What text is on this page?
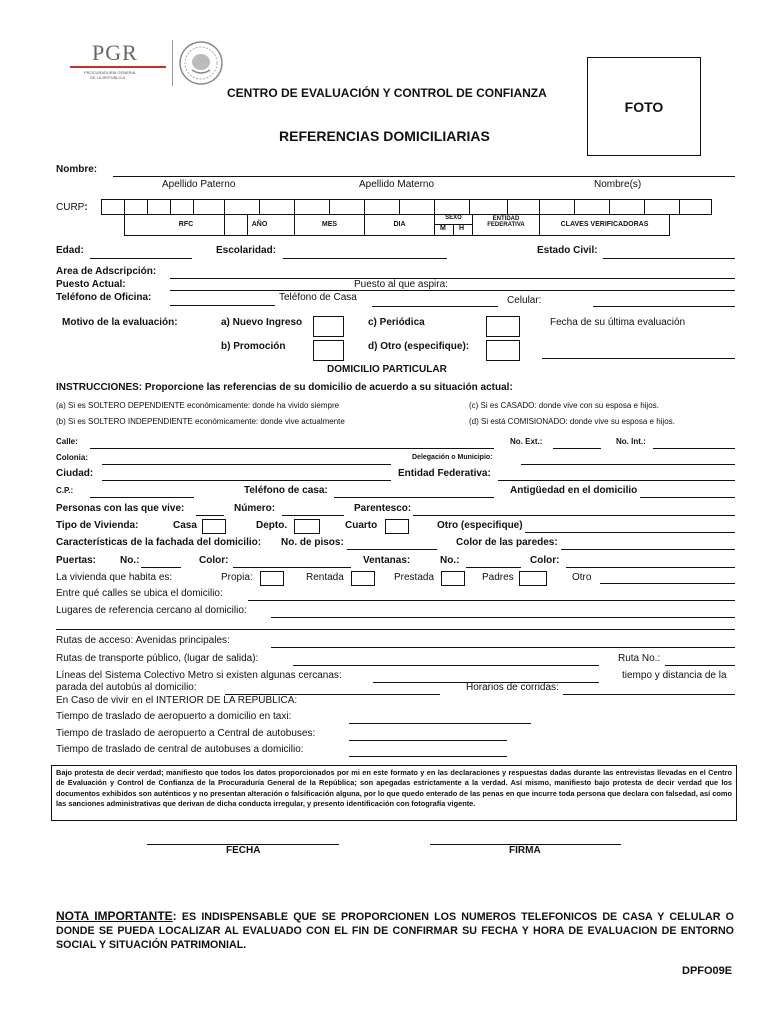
PGR
PROCURADURÍA GENERAL
DE LA REPÚBLICA
CENTRO DE EVALUACIÓN Y CONTROL DE CONFIANZA
REFERENCIAS DOMICILIARIAS
FOTO
Nombre:
Apellido Paterno	Apellido Materno	Nombre(s)
CURP:
RFC	AÑO	MES	DIA
SEXO
M H
ENTIDAD
FEDERATIVA	CLAVES VERIFICADORAS
Edad:	Escolaridad:	Estado Civil:
Area de Adscripción:
Puesto Actual:	Puesto al que aspira:
Teléfono de Oficina:	Teléfono de Casa	Celular:
Motivo de la evaluación:	a) Nuevo Ingreso	c) Periódica	Fecha de su última evaluación
b) Promoción	d) Otro (especifique):
DOMICILIO PARTICULAR
INSTRUCCIONES: Proporcione las referencias de su domicilio de acuerdo a su situación actual:
(a) Si es SOLTERO DEPENDIENTE económicamente: donde ha vivido siempre	(c) Si es CASADO: donde vive con su esposa e hijos.
(b) Si es SOLTERO INDEPENDIENTE económicamente: donde vive actualmente	(d) Si está COMISIONADO: donde vive su esposa e hijos.
Calle:	No. Ext.:	No. Int.:
Colonia:	Delegación o Municipio:
Ciudad:	Entidad Federativa:
C.P.:	Teléfono de casa:	Antigüedad en el domicilio
Personas con las que vive:	Número:	Parentesco:
Tipo de Vivienda:	Casa	Depto.	Cuarto	Otro (especifique)
Características de la fachada del domicilio: No. de pisos:	Color de las paredes:
Puertas: No.:	Color:	Ventanas:	No.:	Color:
La vivienda que habita es:	Propia:	Rentada	Prestada	Padres	Otro
Entre qué calles se ubica el domicilio:
Lugares de referencia cercano al domicilio:
Rutas de acceso: Avenidas principales:
Rutas de transporte público, (lugar de salida):	Ruta No.:
Líneas del Sistema Colectivo Metro si existen algunas cercanas:	tiempo y distancia de la
parada del autobús al domicilio:	Horarios de corridas:
En Caso de vivir en el INTERIOR DE LA REPÚBLICA:
Tiempo de traslado de aeropuerto a domicilio en taxi:
Tiempo de traslado de aeropuerto a Central de autobuses:
Tiempo de traslado de central de autobuses a domicilio:
Bajo protesta de decir verdad; manifiesto que todos los datos proporcionados por mi en este formato y en las declaraciones y respuestas dadas durante las entrevistas llevadas en el Centro de Evaluación y Control de Confianza de la Procuraduría General de la República; son apegadas estrictamente a la verdad. Así mismo, manifiesto bajo protesta de decir verdad que los documentos exhibidos son auténticos y no presentan alteración o falsificación alguna, por lo que quedo enterado de las penas en que incurre toda persona que declara con falsedad, así como las sanciones administrativas que derivan de dicha conducta irregular, y presento identificación con fotografía vigente.
FECHA	FIRMA
NOTA IMPORTANTE: ES INDISPENSABLE QUE SE PROPORCIONEN LOS NUMEROS TELEFONICOS DE CASA Y CELULAR O DONDE SE PUEDA LOCALIZAR AL EVALUADO CON EL FIN DE CONFIRMAR SU FECHA Y HORA DE EVALUACION DE ENTORNO SOCIAL Y SITUACIÓN PATRIMONIAL.
DPFO09E
